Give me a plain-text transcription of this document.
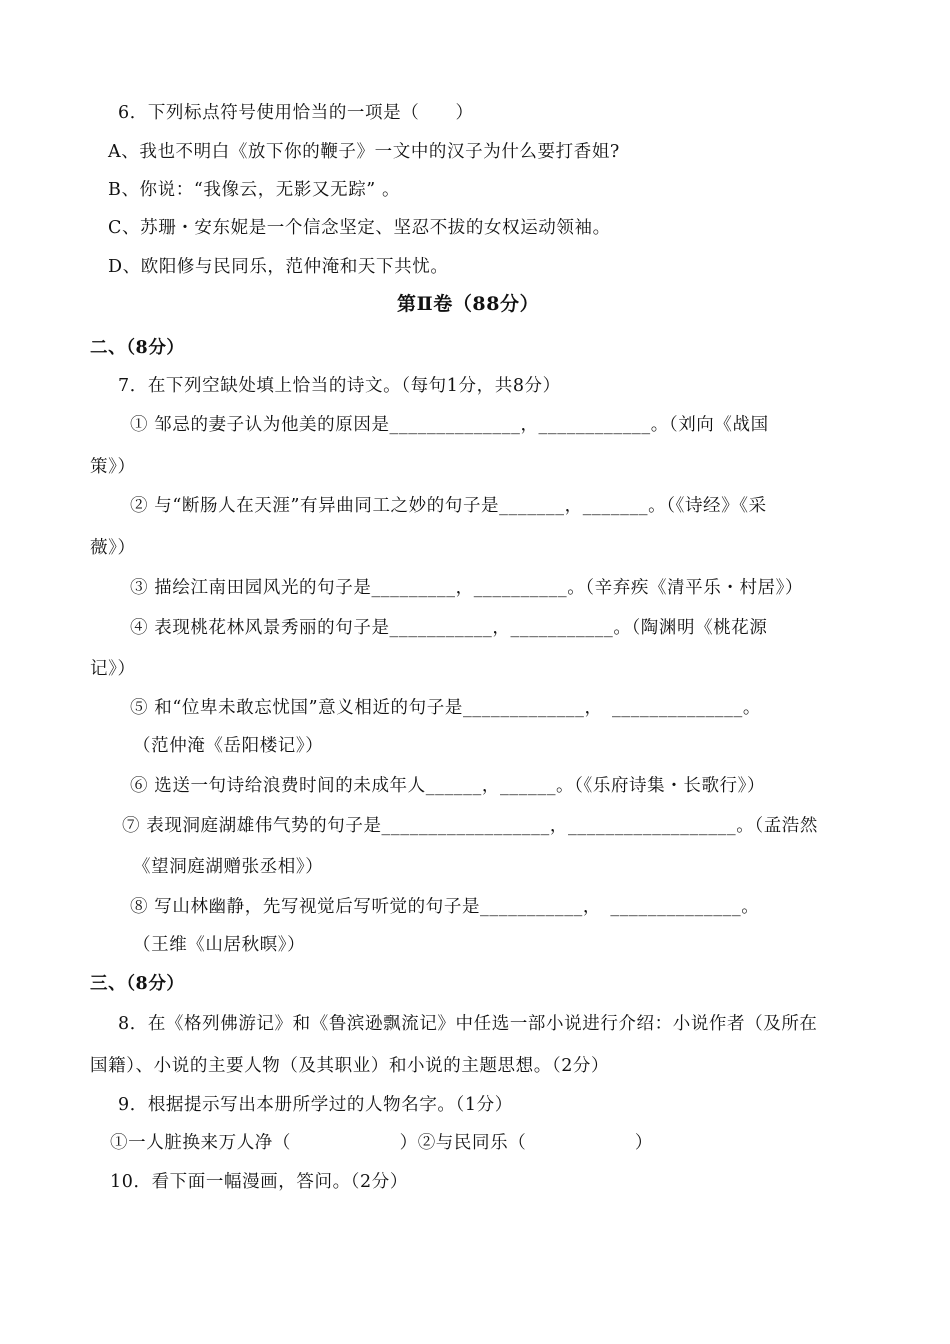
6．下列标点符号使用恰当的一项是（　　）
A、我也不明白《放下你的鞭子》一文中的汉子为什么要打香姐?
B、你说：“我像云，无影又无踪” 。
C、苏珊・安东妮是一个信念坚定、坚忍不拔的女权运动领袖。
D、欧阳修与民同乐，范仲淹和天下共忧。
第Ⅱ卷（88分）
二、（8分）
7．在下列空缺处填上恰当的诗文。（每句1分，共8分）
① 邹忌的妻子认为他美的原因是______________，____________。（刘向《战国
策》）
② 与“断肠人在天涯”有异曲同工之妙的句子是_______，_______。（《诗经》《采
薇》）
③ 描绘江南田园风光的句子是_________，__________。（辛弃疾《清平乐・村居》）
④ 表现桃花林风景秀丽的句子是___________，___________。（陶渊明《桃花源
记》）
⑤ 和“位卑未敢忘忧国”意义相近的句子是_____________，　______________。
（范仲淹《岳阳楼记》）
⑥ 选送一句诗给浪费时间的未成年人______，______。（《乐府诗集・长歌行》）
⑦ 表现洞庭湖雄伟气势的句子是__________________，__________________。（孟浩然
《望洞庭湖赠张丞相》）
⑧ 写山林幽静，先写视觉后写听觉的句子是___________，　______________。
（王维《山居秋暝》）
三、（8分）
8．在《格列佛游记》和《鲁滨逊飘流记》中任选一部小说进行介绍：小说作者（及所在
国籍）、小说的主要人物（及其职业）和小说的主题思想。（2分）
9．根据提示写出本册所学过的人物名字。（1分）
①一人脏换来万人净（　　　　　　）②与民同乐（　　　　　　）
10．看下面一幅漫画，答问。（2分）
